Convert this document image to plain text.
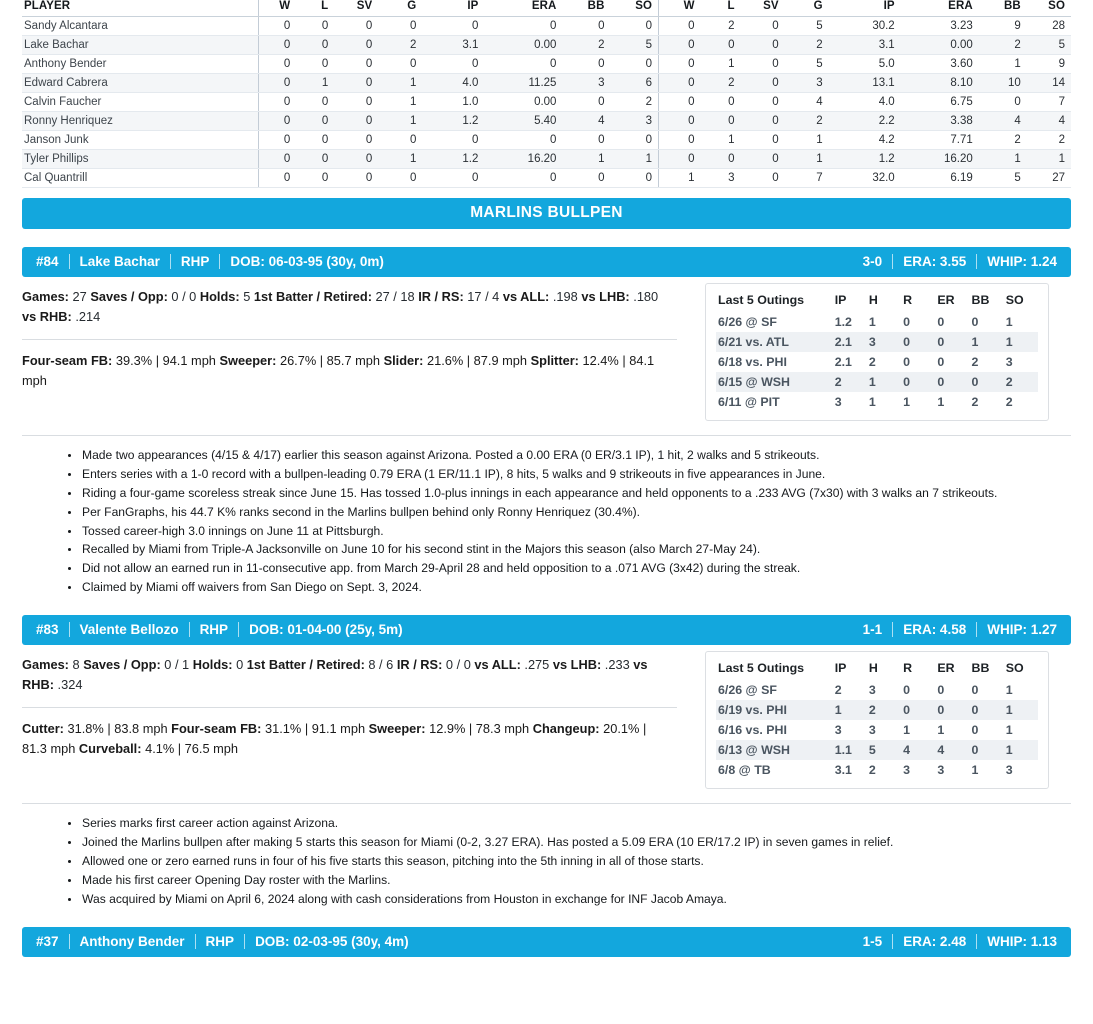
PLAYER	W	L	SV	G	IP	ERA	BB	SO	W	L	SV	G	IP	ERA	BB	SO
Sandy Alcantara	0	0	0	0	0	0	0	0	0	2	0	5	30.2	3.23	9	28
Lake Bachar	0	0	0	2	3.1	0.00	2	5	0	0	0	2	3.1	0.00	2	5
Anthony Bender	0	0	0	0	0	0	0	0	0	1	0	5	5.0	3.60	1	9
Edward Cabrera	0	1	0	1	4.0	11.25	3	6	0	2	0	3	13.1	8.10	10	14
Calvin Faucher	0	0	0	1	1.0	0.00	0	2	0	0	0	4	4.0	6.75	0	7
Ronny Henriquez	0	0	0	1	1.2	5.40	4	3	0	0	0	2	2.2	3.38	4	4
Janson Junk	0	0	0	0	0	0	0	0	0	1	0	1	4.2	7.71	2	2
Tyler Phillips	0	0	0	1	1.2	16.20	1	1	0	0	0	1	1.2	16.20	1	1
Cal Quantrill	0	0	0	0	0	0	0	0	1	3	0	7	32.0	6.19	5	27
MARLINS BULLPEN
#84	Lake Bachar	RHP	DOB: 06-03-95 (30y, 0m)	3-0	ERA: 3.55	WHIP: 1.24
Games: 27 Saves / Opp: 0 / 0 Holds: 5 1st Batter / Retired: 27 / 18 IR / RS: 17 / 4 vs ALL: .198 vs LHB: .180 vs RHB: .214
Four-seam FB: 39.3% | 94.1 mph Sweeper: 26.7% | 85.7 mph Slider: 21.6% | 87.9 mph Splitter: 12.4% | 84.1 mph
Last 5 Outings	IP	H	R	ER	BB	SO
6/26 @ SF	1.2	1	0	0	0	1
6/21 vs. ATL	2.1	3	0	0	1	1
6/18 vs. PHI	2.1	2	0	0	2	3
6/15 @ WSH	2	1	0	0	0	2
6/11 @ PIT	3	1	1	1	2	2
Made two appearances (4/15 & 4/17) earlier this season against Arizona. Posted a 0.00 ERA (0 ER/3.1 IP), 1 hit, 2 walks and 5 strikeouts.
Enters series with a 1-0 record with a bullpen-leading 0.79 ERA (1 ER/11.1 IP), 8 hits, 5 walks and 9 strikeouts in five appearances in June.
Riding a four-game scoreless streak since June 15. Has tossed 1.0-plus innings in each appearance and held opponents to a .233 AVG (7x30) with 3 walks an 7 strikeouts.
Per FanGraphs, his 44.7 K% ranks second in the Marlins bullpen behind only Ronny Henriquez (30.4%).
Tossed career-high 3.0 innings on June 11 at Pittsburgh.
Recalled by Miami from Triple-A Jacksonville on June 10 for his second stint in the Majors this season (also March 27-May 24).
Did not allow an earned run in 11-consecutive app. from March 29-April 28 and held opposition to a .071 AVG (3x42) during the streak.
Claimed by Miami off waivers from San Diego on Sept. 3, 2024.
#83	Valente Bellozo	RHP	DOB: 01-04-00 (25y, 5m)	1-1	ERA: 4.58	WHIP: 1.27
Games: 8 Saves / Opp: 0 / 1 Holds: 0 1st Batter / Retired: 8 / 6 IR / RS: 0 / 0 vs ALL: .275 vs LHB: .233 vs RHB: .324
Cutter: 31.8% | 83.8 mph Four-seam FB: 31.1% | 91.1 mph Sweeper: 12.9% | 78.3 mph Changeup: 20.1% | 81.3 mph Curveball: 4.1% | 76.5 mph
Last 5 Outings	IP	H	R	ER	BB	SO
6/26 @ SF	2	3	0	0	0	1
6/19 vs. PHI	1	2	0	0	0	1
6/16 vs. PHI	3	3	1	1	0	1
6/13 @ WSH	1.1	5	4	4	0	1
6/8 @ TB	3.1	2	3	3	1	3
Series marks first career action against Arizona.
Joined the Marlins bullpen after making 5 starts this season for Miami (0-2, 3.27 ERA). Has posted a 5.09 ERA (10 ER/17.2 IP) in seven games in relief.
Allowed one or zero earned runs in four of his five starts this season, pitching into the 5th inning in all of those starts.
Made his first career Opening Day roster with the Marlins.
Was acquired by Miami on April 6, 2024 along with cash considerations from Houston in exchange for INF Jacob Amaya.
#37	Anthony Bender	RHP	DOB: 02-03-95 (30y, 4m)	1-5	ERA: 2.48	WHIP: 1.13
